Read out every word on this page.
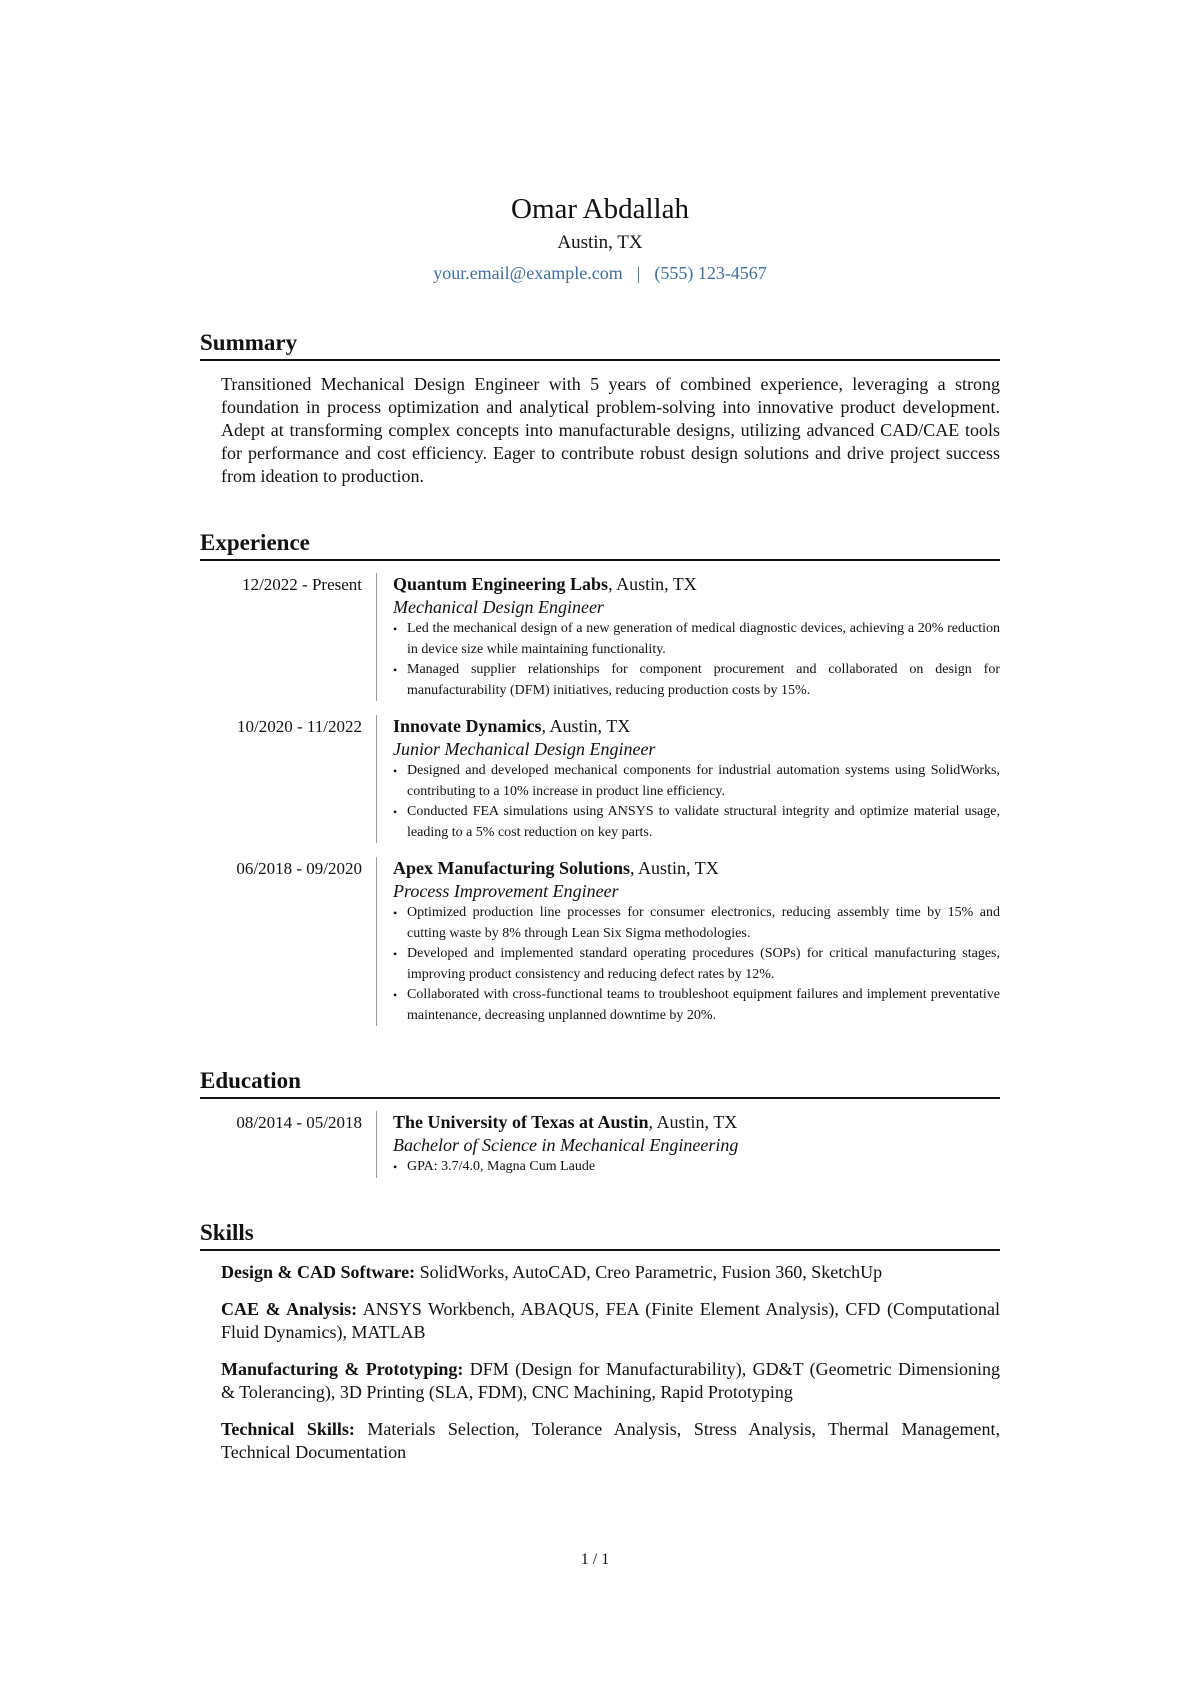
Omar Abdallah
Austin, TX
your.email@example.com | (555) 123-4567
Summary
Transitioned Mechanical Design Engineer with 5 years of combined experience, leveraging a strong foundation in process optimization and analytical problem-solving into innovative product development. Adept at transforming complex concepts into manufacturable designs, utilizing advanced CAD/CAE tools for performance and cost efficiency. Eager to contribute robust design solutions and drive project success from ideation to production.
Experience
12/2022 - Present	Quantum Engineering Labs, Austin, TX
Mechanical Design Engineer
• Led the mechanical design of a new generation of medical diagnostic devices, achieving a 20% reduction in device size while maintaining functionality.
• Managed supplier relationships for component procurement and collaborated on design for manufacturability (DFM) initiatives, reducing production costs by 15%.
10/2020 - 11/2022	Innovate Dynamics, Austin, TX
Junior Mechanical Design Engineer
• Designed and developed mechanical components for industrial automation systems using SolidWorks, contributing to a 10% increase in product line efficiency.
• Conducted FEA simulations using ANSYS to validate structural integrity and optimize material usage, leading to a 5% cost reduction on key parts.
06/2018 - 09/2020	Apex Manufacturing Solutions, Austin, TX
Process Improvement Engineer
• Optimized production line processes for consumer electronics, reducing assembly time by 15% and cutting waste by 8% through Lean Six Sigma methodologies.
• Developed and implemented standard operating procedures (SOPs) for critical manufacturing stages, improving product consistency and reducing defect rates by 12%.
• Collaborated with cross-functional teams to troubleshoot equipment failures and implement preventative maintenance, decreasing unplanned downtime by 20%.
Education
08/2014 - 05/2018	The University of Texas at Austin, Austin, TX
Bachelor of Science in Mechanical Engineering
• GPA: 3.7/4.0, Magna Cum Laude
Skills
Design & CAD Software: SolidWorks, AutoCAD, Creo Parametric, Fusion 360, SketchUp
CAE & Analysis: ANSYS Workbench, ABAQUS, FEA (Finite Element Analysis), CFD (Computational Fluid Dynamics), MATLAB
Manufacturing & Prototyping: DFM (Design for Manufacturability), GD&T (Geometric Dimensioning & Tolerancing), 3D Printing (SLA, FDM), CNC Machining, Rapid Prototyping
Technical Skills: Materials Selection, Tolerance Analysis, Stress Analysis, Thermal Management, Technical Documentation
1 / 1
